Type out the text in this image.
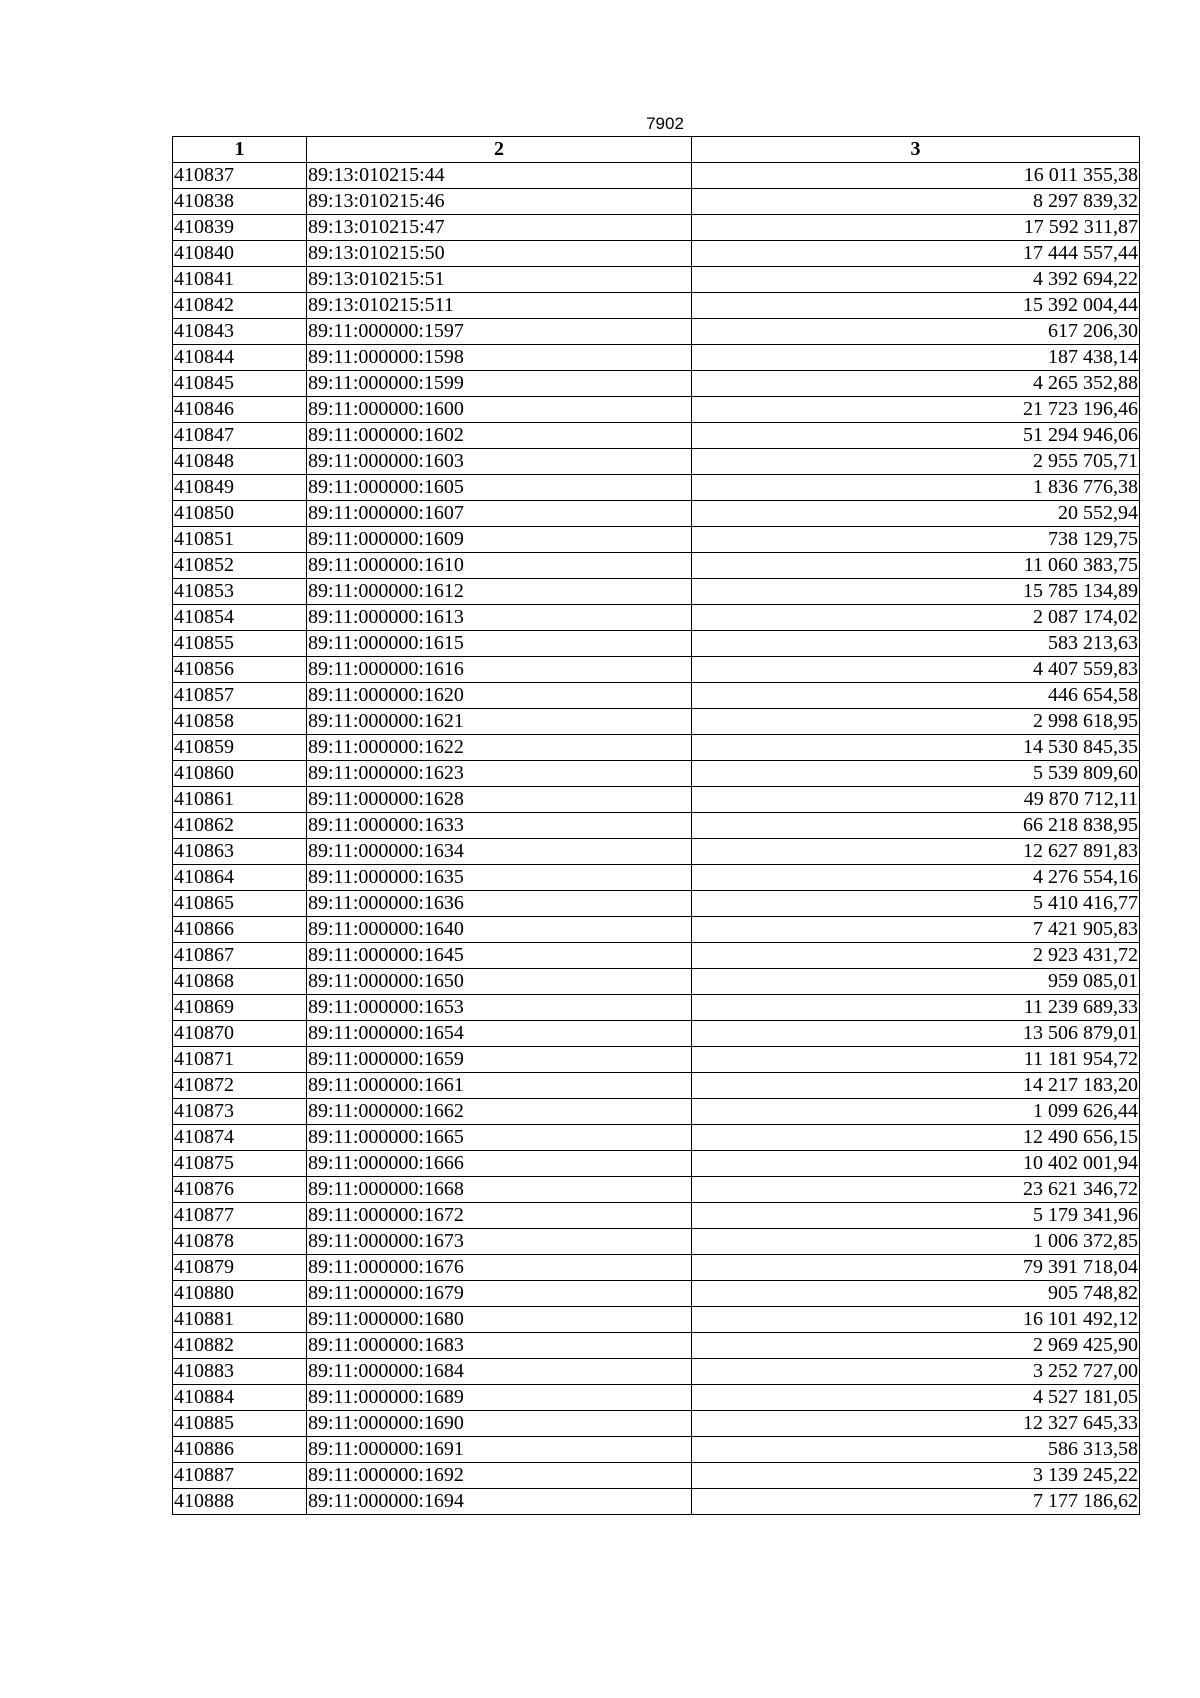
7902
1	2	3
410837	89:13:010215:44	16 011 355,38
410838	89:13:010215:46	8 297 839,32
410839	89:13:010215:47	17 592 311,87
410840	89:13:010215:50	17 444 557,44
410841	89:13:010215:51	4 392 694,22
410842	89:13:010215:511	15 392 004,44
410843	89:11:000000:1597	617 206,30
410844	89:11:000000:1598	187 438,14
410845	89:11:000000:1599	4 265 352,88
410846	89:11:000000:1600	21 723 196,46
410847	89:11:000000:1602	51 294 946,06
410848	89:11:000000:1603	2 955 705,71
410849	89:11:000000:1605	1 836 776,38
410850	89:11:000000:1607	20 552,94
410851	89:11:000000:1609	738 129,75
410852	89:11:000000:1610	11 060 383,75
410853	89:11:000000:1612	15 785 134,89
410854	89:11:000000:1613	2 087 174,02
410855	89:11:000000:1615	583 213,63
410856	89:11:000000:1616	4 407 559,83
410857	89:11:000000:1620	446 654,58
410858	89:11:000000:1621	2 998 618,95
410859	89:11:000000:1622	14 530 845,35
410860	89:11:000000:1623	5 539 809,60
410861	89:11:000000:1628	49 870 712,11
410862	89:11:000000:1633	66 218 838,95
410863	89:11:000000:1634	12 627 891,83
410864	89:11:000000:1635	4 276 554,16
410865	89:11:000000:1636	5 410 416,77
410866	89:11:000000:1640	7 421 905,83
410867	89:11:000000:1645	2 923 431,72
410868	89:11:000000:1650	959 085,01
410869	89:11:000000:1653	11 239 689,33
410870	89:11:000000:1654	13 506 879,01
410871	89:11:000000:1659	11 181 954,72
410872	89:11:000000:1661	14 217 183,20
410873	89:11:000000:1662	1 099 626,44
410874	89:11:000000:1665	12 490 656,15
410875	89:11:000000:1666	10 402 001,94
410876	89:11:000000:1668	23 621 346,72
410877	89:11:000000:1672	5 179 341,96
410878	89:11:000000:1673	1 006 372,85
410879	89:11:000000:1676	79 391 718,04
410880	89:11:000000:1679	905 748,82
410881	89:11:000000:1680	16 101 492,12
410882	89:11:000000:1683	2 969 425,90
410883	89:11:000000:1684	3 252 727,00
410884	89:11:000000:1689	4 527 181,05
410885	89:11:000000:1690	12 327 645,33
410886	89:11:000000:1691	586 313,58
410887	89:11:000000:1692	3 139 245,22
410888	89:11:000000:1694	7 177 186,62
